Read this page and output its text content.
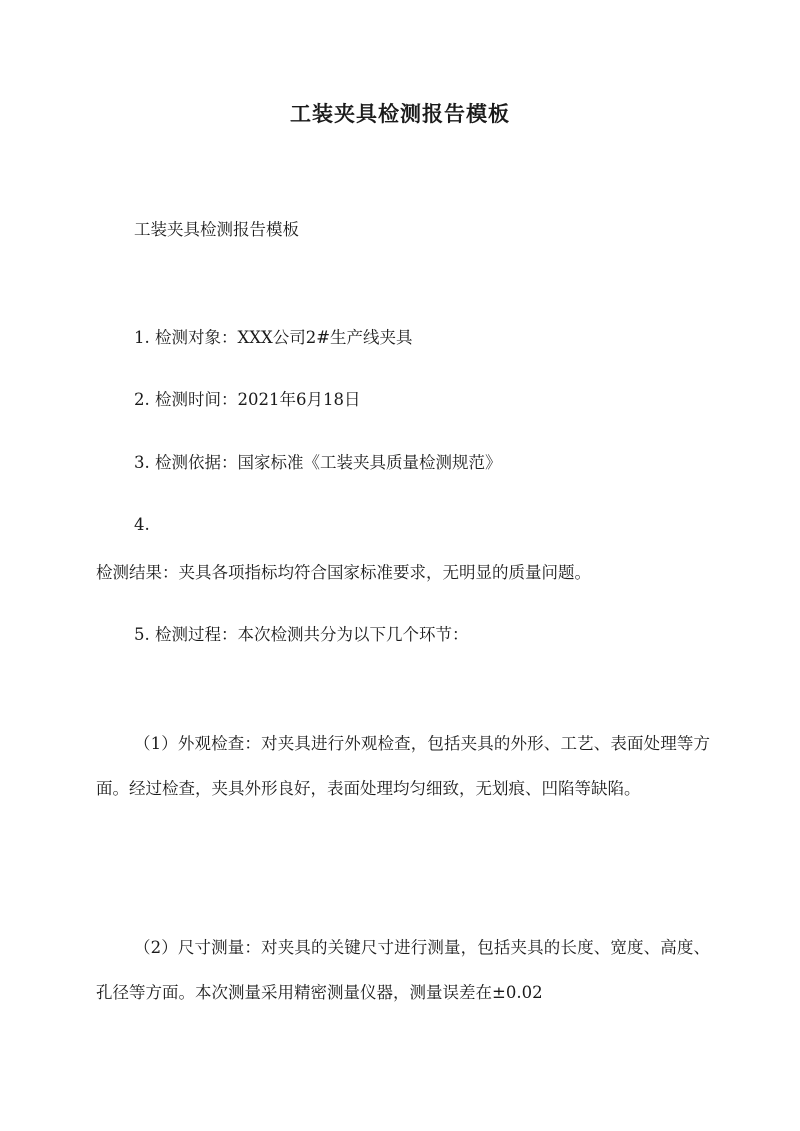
工装夹具检测报告模板

工装夹具检测报告模板

1. 检测对象：XXX公司2#生产线夹具

2. 检测时间：2021年6月18日

3. 检测依据：国家标准《工装夹具质量检测规范》

4.

检测结果：夹具各项指标均符合国家标准要求，无明显的质量问题。

5. 检测过程：本次检测共分为以下几个环节：

（1）外观检查：对夹具进行外观检查，包括夹具的外形、工艺、表面处理等方面。经过检查，夹具外形良好，表面处理均匀细致，无划痕、凹陷等缺陷。

（2）尺寸测量：对夹具的关键尺寸进行测量，包括夹具的长度、宽度、高度、孔径等方面。本次测量采用精密测量仪器，测量误差在±0.02
